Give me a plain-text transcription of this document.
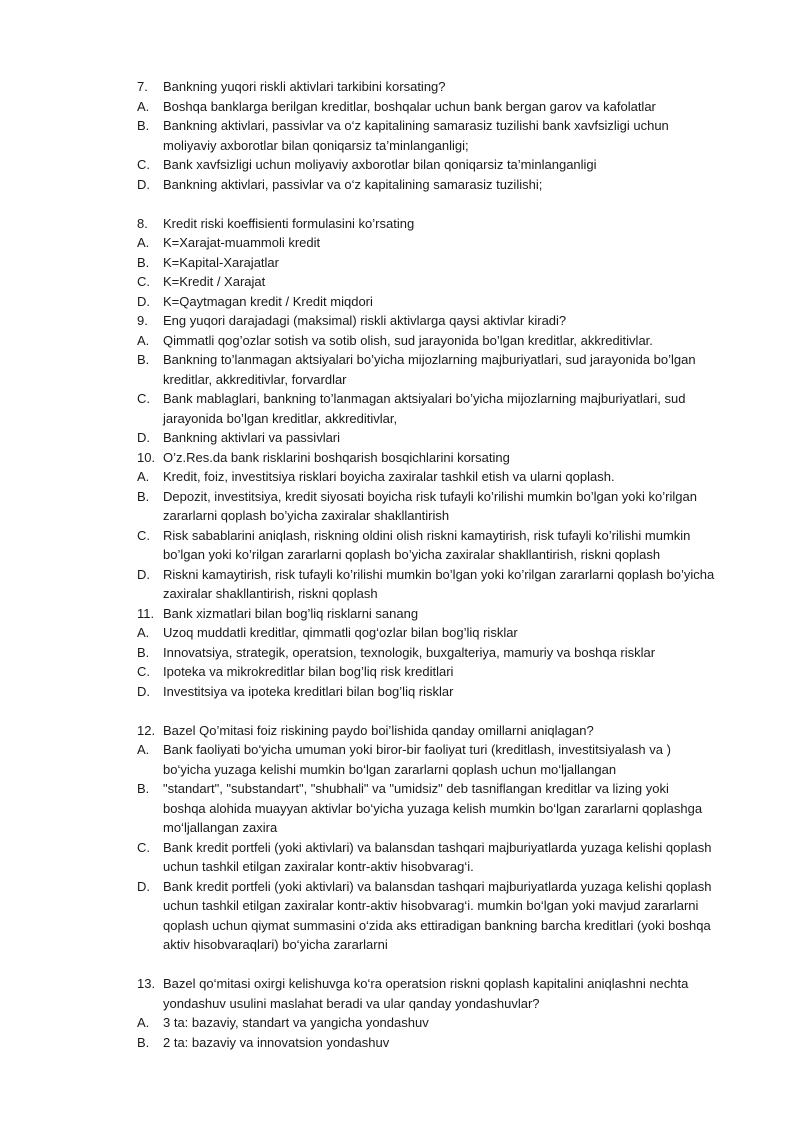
7. Bankning yuqori riskli aktivlari tarkibini korsating?
A. Boshqa banklarga berilgan kreditlar, boshqalar uchun bank bergan garov va kafolatlar
B. Bankning aktivlari, passivlar va o‘z kapitalining samarasiz tuzilishi bank xavfsizligi uchun
moliyaviy axborotlar bilan qoniqarsiz ta’minlanganligi;
C. Bank xavfsizligi uchun moliyaviy axborotlar bilan qoniqarsiz ta’minlanganligi
D. Bankning aktivlari, passivlar va o‘z kapitalining samarasiz tuzilishi;
8. Kredit riski koeffisienti formulasini ko’rsating
A. K=Xarajat-muammoli kredit
B. K=Kapital-Xarajatlar
C. K=Kredit / Xarajat
D. K=Qaytmagan kredit / Kredit miqdori
9. Eng yuqori darajadagi (maksimal) riskli aktivlarga qaysi aktivlar kiradi?
A. Qimmatli qog’ozlar sotish va sotib olish, sud jarayonida bo’lgan kreditlar, akkreditivlar.
B. Bankning to’lanmagan aktsiyalari bo’yicha mijozlarning majburiyatlari, sud jarayonida bo’lgan
kreditlar, akkreditivlar, forvardlar
C. Bank mablaglari, bankning to’lanmagan aktsiyalari bo’yicha mijozlarning majburiyatlari, sud
jarayonida bo’lgan kreditlar, akkreditivlar,
D. Bankning aktivlari va passivlari
10. O’z.Res.da bank risklarini boshqarish bosqichlarini korsating
A. Kredit, foiz, investitsiya risklari boyicha zaxiralar tashkil etish va ularni qoplash.
B. Depozit, investitsiya, kredit siyosati boyicha risk tufayli ko’rilishi mumkin bo’lgan yoki ko’rilgan
zararlarni qoplash bo’yicha zaxiralar shakllantirish
C. Risk sabablarini aniqlash, riskning oldini olish riskni kamaytirish, risk tufayli ko’rilishi mumkin
bo’lgan yoki ko’rilgan zararlarni qoplash bo’yicha zaxiralar shakllantirish, riskni qoplash
D. Riskni kamaytirish, risk tufayli ko’rilishi mumkin bo’lgan yoki ko’rilgan zararlarni qoplash bo’yicha
zaxiralar shakllantirish, riskni qoplash
11. Bank xizmatlari bilan bog’liq risklarni sanang
A. Uzoq muddatli kreditlar, qimmatli qog‘ozlar bilan bog’liq risklar
B. Innovatsiya, strategik, operatsion, texnologik, buxgalteriya, mamuriy va boshqa risklar
C. Ipoteka va mikrokreditlar bilan bog’liq risk kreditlari
D. Investitsiya va ipoteka kreditlari bilan bog’liq risklar
12. Bazel Qo’mitasi foiz riskining paydo boi’lishida qanday omillarni aniqlagan?
A. Bank faoliyati bo‘yicha umuman yoki biror-bir faoliyat turi (kreditlash, investitsiyalash va )
bo‘yicha yuzaga kelishi mumkin bo‘lgan zararlarni qoplash uchun mo‘ljallangan
B. "standart", "substandart", "shubhali" va "umidsiz" deb tasniflangan kreditlar va lizing yoki
boshqa alohida muayyan aktivlar bo‘yicha yuzaga kelish mumkin bo‘lgan zararlarni qoplashga
mo‘ljallangan zaxira
C. Bank kredit portfeli (yoki aktivlari) va balansdan tashqari majburiyatlarda yuzaga kelishi qoplash
uchun tashkil etilgan zaxiralar kontr-aktiv hisobvarag‘i.
D. Bank kredit portfeli (yoki aktivlari) va balansdan tashqari majburiyatlarda yuzaga kelishi qoplash
uchun tashkil etilgan zaxiralar kontr-aktiv hisobvarag‘i. mumkin bo‘lgan yoki mavjud zararlarni
qoplash uchun qiymat summasini o‘zida aks ettiradigan bankning barcha kreditlari (yoki boshqa
aktiv hisobvaraqlari) bo‘yicha zararlarni
13. Bazel qo‘mitasi oxirgi kelishuvga ko‘ra operatsion riskni qoplash kapitalini aniqlashni nechta
yondashuv usulini maslahat beradi va ular qanday yondashuvlar?
A. 3 ta: bazaviy, standart va yangicha yondashuv
B. 2 ta: bazaviy va innovatsion yondashuv
